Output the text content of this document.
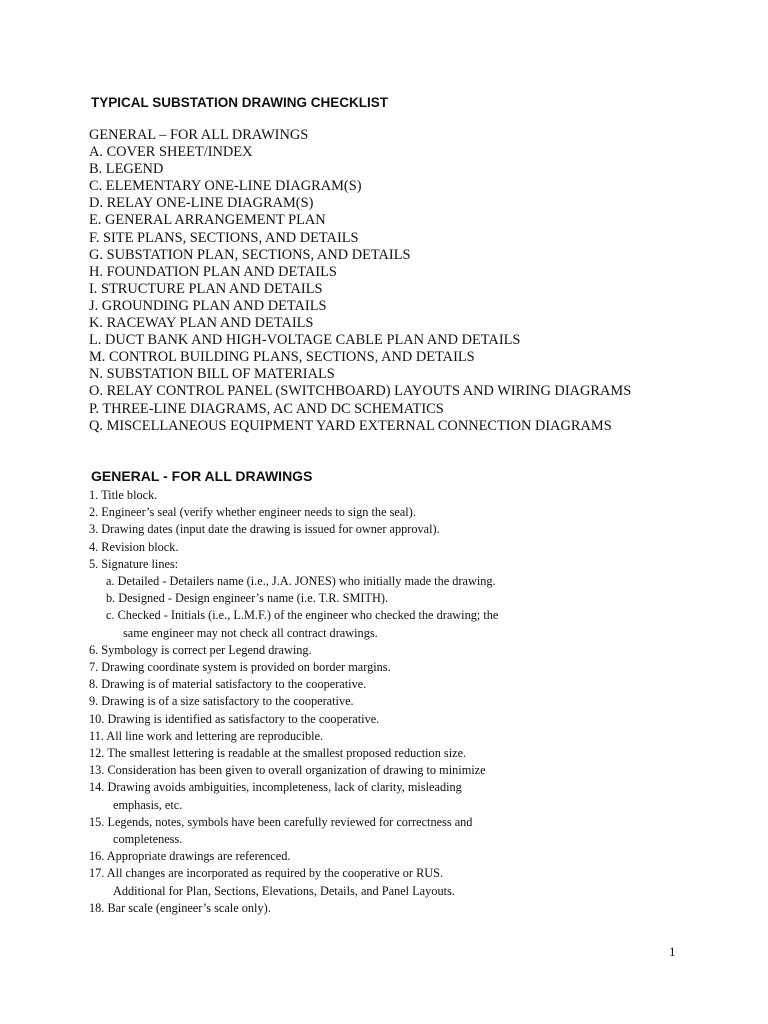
TYPICAL SUBSTATION DRAWING CHECKLIST
GENERAL – FOR ALL DRAWINGS
A. COVER SHEET/INDEX
B. LEGEND
C. ELEMENTARY ONE-LINE DIAGRAM(S)
D. RELAY ONE-LINE DIAGRAM(S)
E. GENERAL ARRANGEMENT PLAN
F. SITE PLANS, SECTIONS, AND DETAILS
G. SUBSTATION PLAN, SECTIONS, AND DETAILS
H. FOUNDATION PLAN AND DETAILS
I. STRUCTURE PLAN AND DETAILS
J. GROUNDING PLAN AND DETAILS
K. RACEWAY PLAN AND DETAILS
L. DUCT BANK AND HIGH-VOLTAGE CABLE PLAN AND DETAILS
M. CONTROL BUILDING PLANS, SECTIONS, AND DETAILS
N. SUBSTATION BILL OF MATERIALS
O. RELAY CONTROL PANEL (SWITCHBOARD) LAYOUTS AND WIRING DIAGRAMS
P. THREE-LINE DIAGRAMS, AC AND DC SCHEMATICS
Q. MISCELLANEOUS EQUIPMENT YARD EXTERNAL CONNECTION DIAGRAMS
GENERAL - FOR ALL DRAWINGS
1. Title block.
2. Engineer’s seal (verify whether engineer needs to sign the seal).
3. Drawing dates (input date the drawing is issued for owner approval).
4. Revision block.
5. Signature lines:
a. Detailed - Detailers name (i.e., J.A. JONES) who initially made the drawing.
b. Designed - Design engineer’s name (i.e. T.R. SMITH).
c. Checked - Initials (i.e., L.M.F.) of the engineer who checked the drawing; the
same engineer may not check all contract drawings.
6. Symbology is correct per Legend drawing.
7. Drawing coordinate system is provided on border margins.
8. Drawing is of material satisfactory to the cooperative.
9. Drawing is of a size satisfactory to the cooperative.
10. Drawing is identified as satisfactory to the cooperative.
11. All line work and lettering are reproducible.
12. The smallest lettering is readable at the smallest proposed reduction size.
13. Consideration has been given to overall organization of drawing to minimize
14. Drawing avoids ambiguities, incompleteness, lack of clarity, misleading
emphasis, etc.
15. Legends, notes, symbols have been carefully reviewed for correctness and
completeness.
16. Appropriate drawings are referenced.
17. All changes are incorporated as required by the cooperative or RUS.
Additional for Plan, Sections, Elevations, Details, and Panel Layouts.
18. Bar scale (engineer’s scale only).
1
